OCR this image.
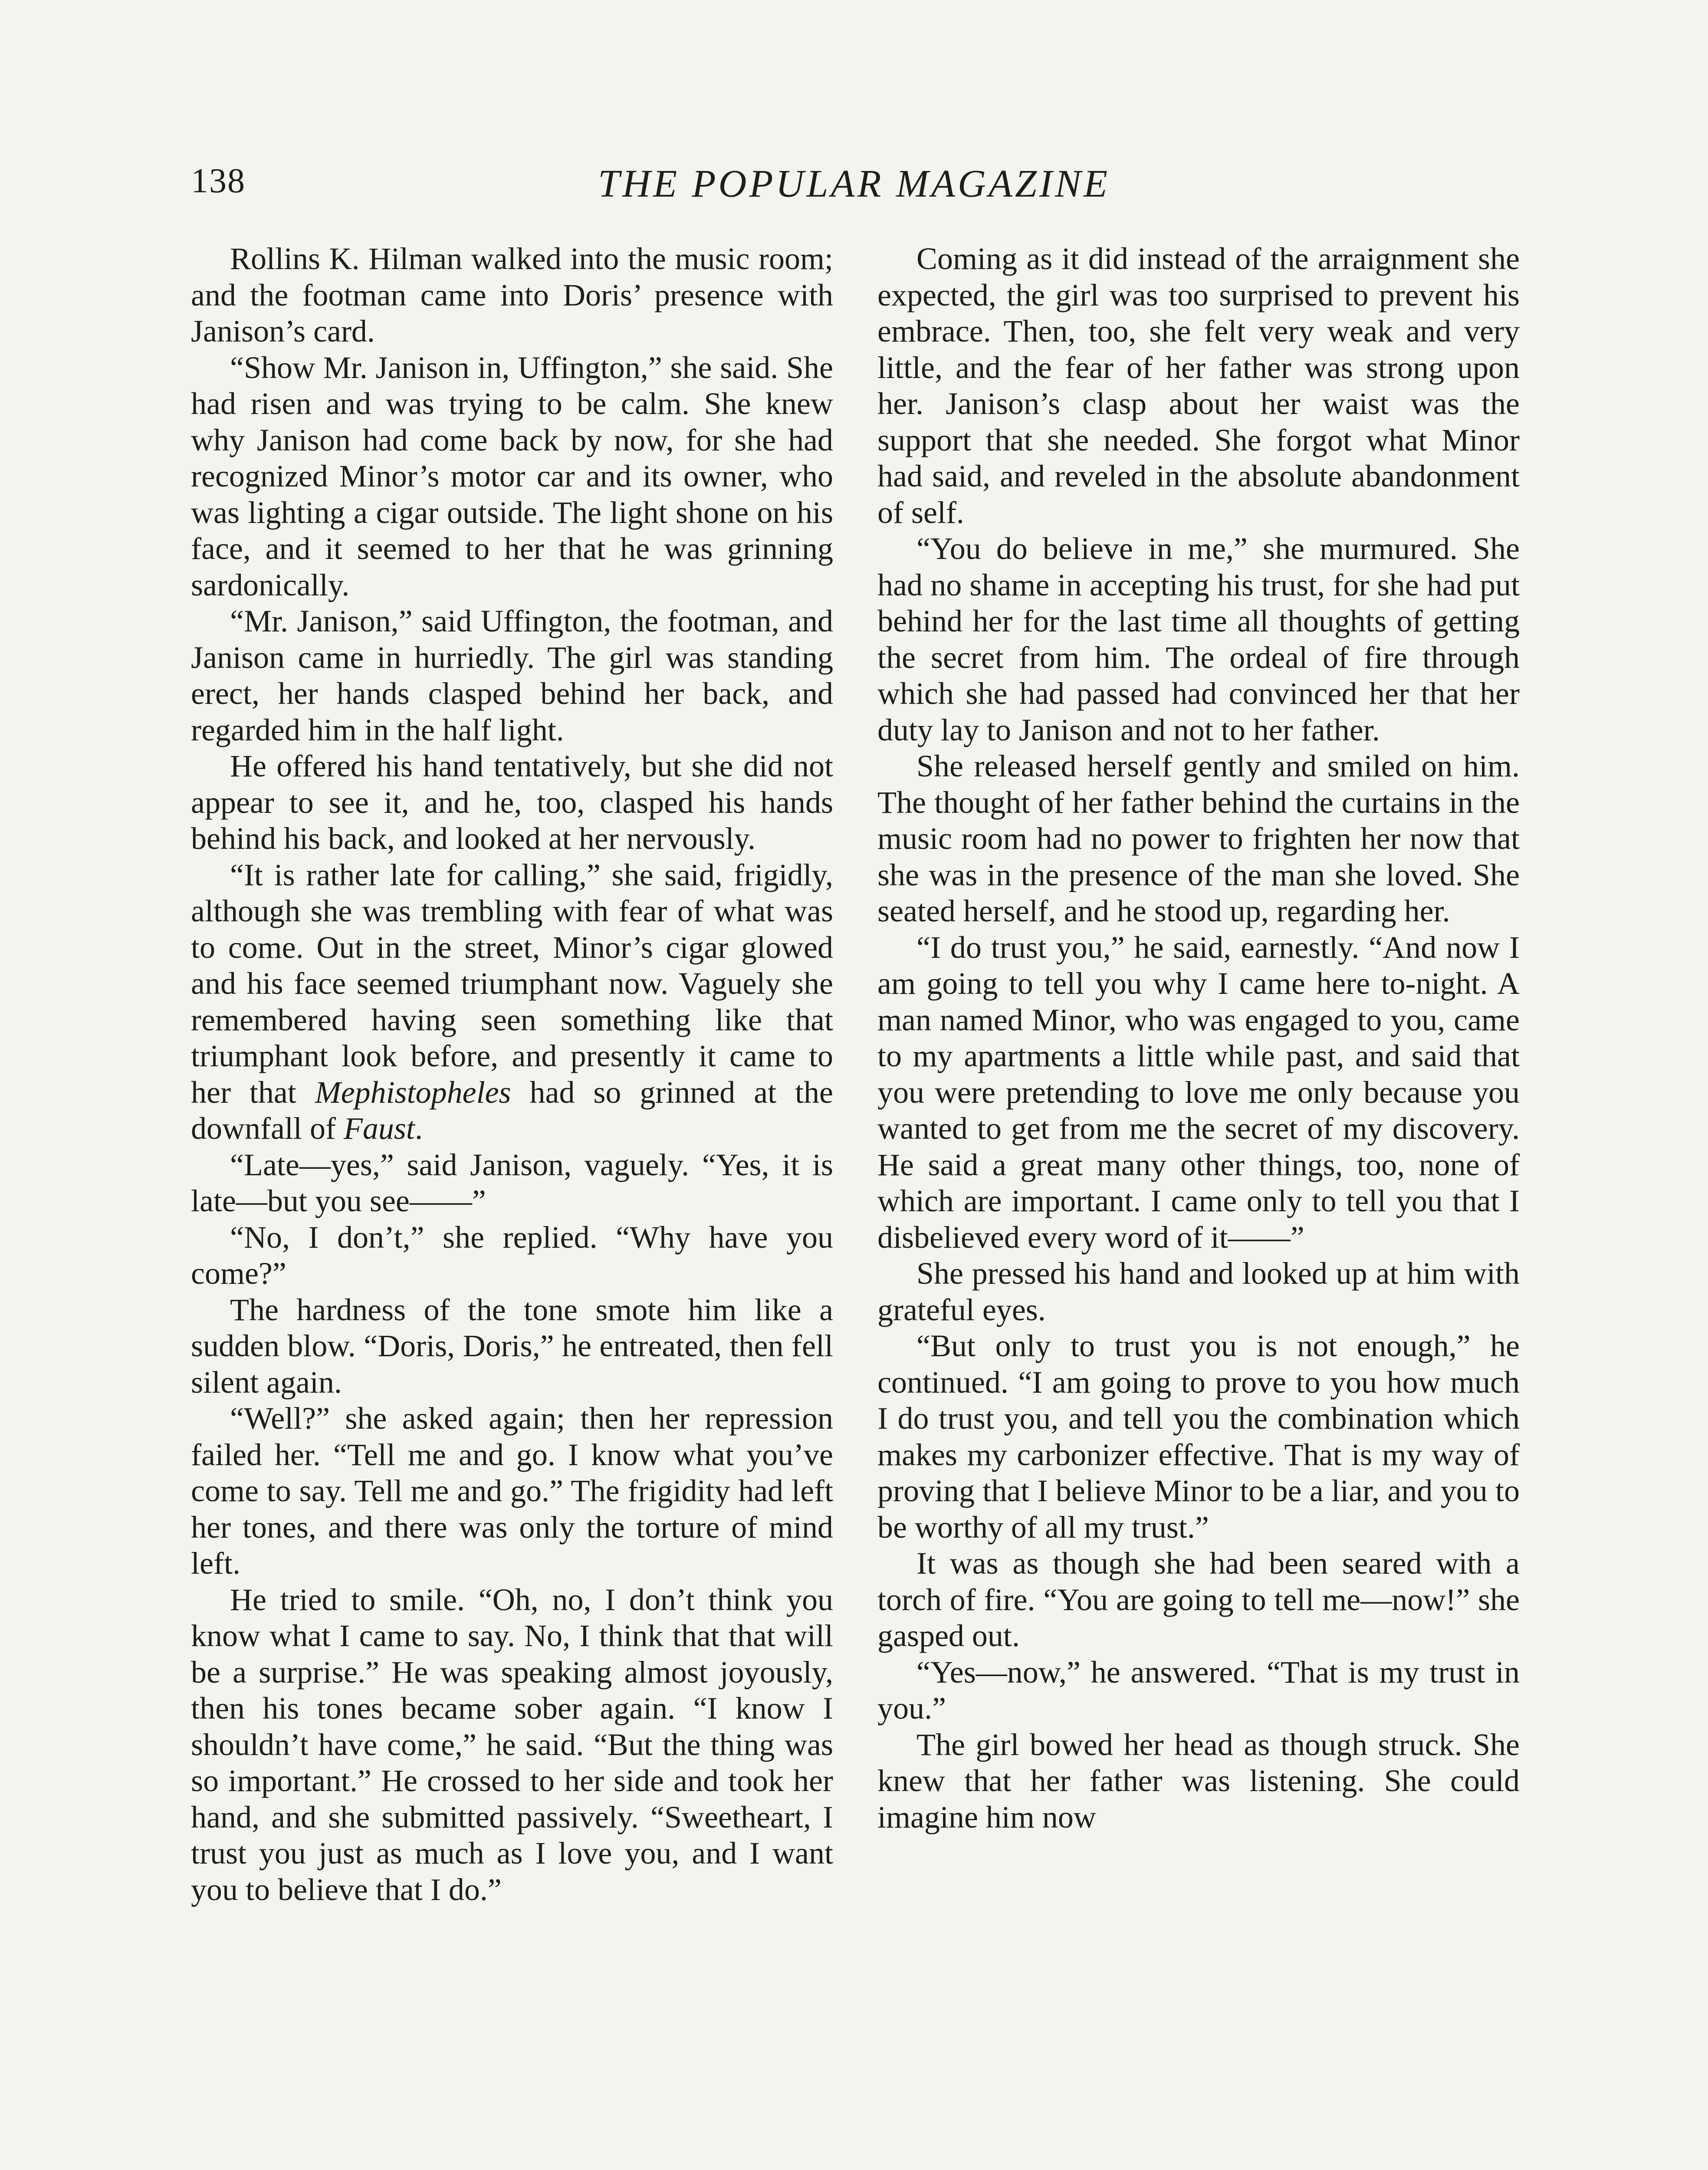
138	THE POPULAR MAGAZINE

Rollins K. Hilman walked into the music room; and the footman came into Doris’ presence with Janison’s card.

“Show Mr. Janison in, Uffington,” she said. She had risen and was trying to be calm. She knew why Janison had come back by now, for she had recognized Minor’s motor car and its owner, who was lighting a cigar outside. The light shone on his face, and it seemed to her that he was grinning sardonically.

“Mr. Janison,” said Uffington, the footman, and Janison came in hurriedly. The girl was standing erect, her hands clasped behind her back, and regarded him in the half light.

He offered his hand tentatively, but she did not appear to see it, and he, too, clasped his hands behind his back, and looked at her nervously.

“It is rather late for calling,” she said, frigidly, although she was trembling with fear of what was to come. Out in the street, Minor’s cigar glowed and his face seemed triumphant now. Vaguely she remembered having seen something like that triumphant look before, and presently it came to her that Mephistopheles had so grinned at the downfall of Faust.

“Late—yes,” said Janison, vaguely. “Yes, it is late—but you see——”

“No, I don’t,” she replied. “Why have you come?”

The hardness of the tone smote him like a sudden blow. “Doris, Doris,” he entreated, then fell silent again.

“Well?” she asked again; then her repression failed her. “Tell me and go. I know what you’ve come to say. Tell me and go.” The frigidity had left her tones, and there was only the torture of mind left.

He tried to smile. “Oh, no, I don’t think you know what I came to say. No, I think that that will be a surprise.” He was speaking almost joyously, then his tones became sober again. “I know I shouldn’t have come,” he said. “But the thing was so important.” He crossed to her side and took her hand, and she submitted passively. “Sweetheart, I trust you just as much as I love you, and I want you to believe that I do.”

Coming as it did instead of the arraignment she expected, the girl was too surprised to prevent his embrace. Then, too, she felt very weak and very little, and the fear of her father was strong upon her. Janison’s clasp about her waist was the support that she needed. She forgot what Minor had said, and reveled in the absolute abandonment of self.

“You do believe in me,” she murmured. She had no shame in accepting his trust, for she had put behind her for the last time all thoughts of getting the secret from him. The ordeal of fire through which she had passed had convinced her that her duty lay to Janison and not to her father.

She released herself gently and smiled on him. The thought of her father behind the curtains in the music room had no power to frighten her now that she was in the presence of the man she loved. She seated herself, and he stood up, regarding her.

“I do trust you,” he said, earnestly. “And now I am going to tell you why I came here to-night. A man named Minor, who was engaged to you, came to my apartments a little while past, and said that you were pretending to love me only because you wanted to get from me the secret of my discovery. He said a great many other things, too, none of which are important. I came only to tell you that I disbelieved every word of it——”

She pressed his hand and looked up at him with grateful eyes.

“But only to trust you is not enough,” he continued. “I am going to prove to you how much I do trust you, and tell you the combination which makes my carbonizer effective. That is my way of proving that I believe Minor to be a liar, and you to be worthy of all my trust.”

It was as though she had been seared with a torch of fire. “You are going to tell me—now!” she gasped out.

“Yes—now,” he answered. “That is my trust in you.”

The girl bowed her head as though struck. She knew that her father was listening. She could imagine him now
